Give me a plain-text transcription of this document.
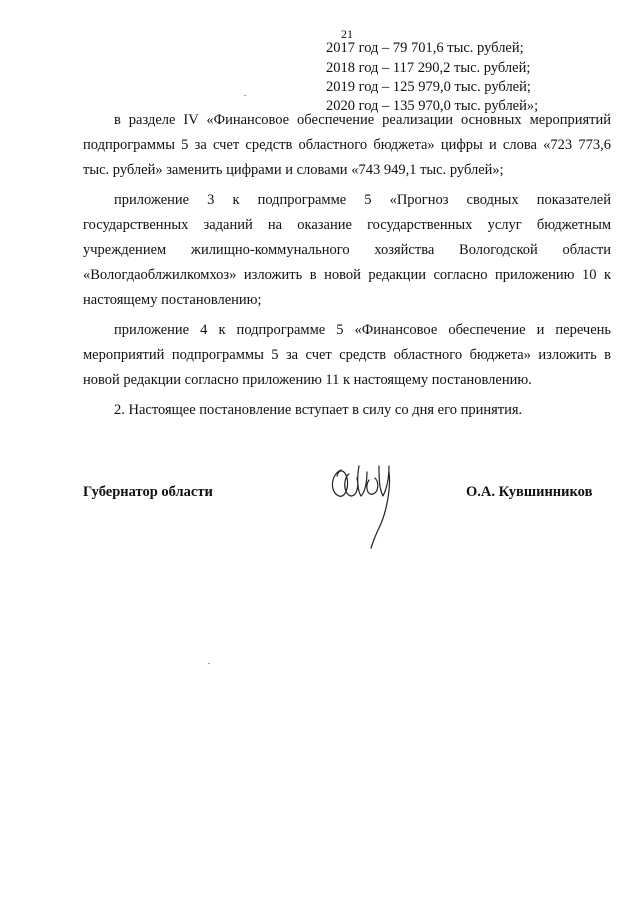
21
2017 год – 79 701,6 тыс. рублей;
2018 год – 117 290,2 тыс. рублей;
2019 год – 125 979,0 тыс. рублей;
2020 год – 135 970,0 тыс. рублей»;

в разделе IV «Финансовое обеспечение реализации основных мероприятий подпрограммы 5 за счет средств областного бюджета» цифры и слова «723 773,6 тыс. рублей» заменить цифрами и словами «743 949,1 тыс. рублей»;

приложение 3 к подпрограмме 5 «Прогноз сводных показателей государственных заданий на оказание государственных услуг бюджетным учреждением жилищно-коммунального хозяйства Вологодской области «Вологдаоблжилкомхоз» изложить в новой редакции согласно приложению 10 к настоящему постановлению;

приложение 4 к подпрограмме 5 «Финансовое обеспечение и перечень мероприятий подпрограммы 5 за счет средств областного бюджета» изложить в новой редакции согласно приложению 11 к настоящему постановлению.

2. Настоящее постановление вступает в силу со дня его принятия.

Губернатор области	О.А. Кувшинников
